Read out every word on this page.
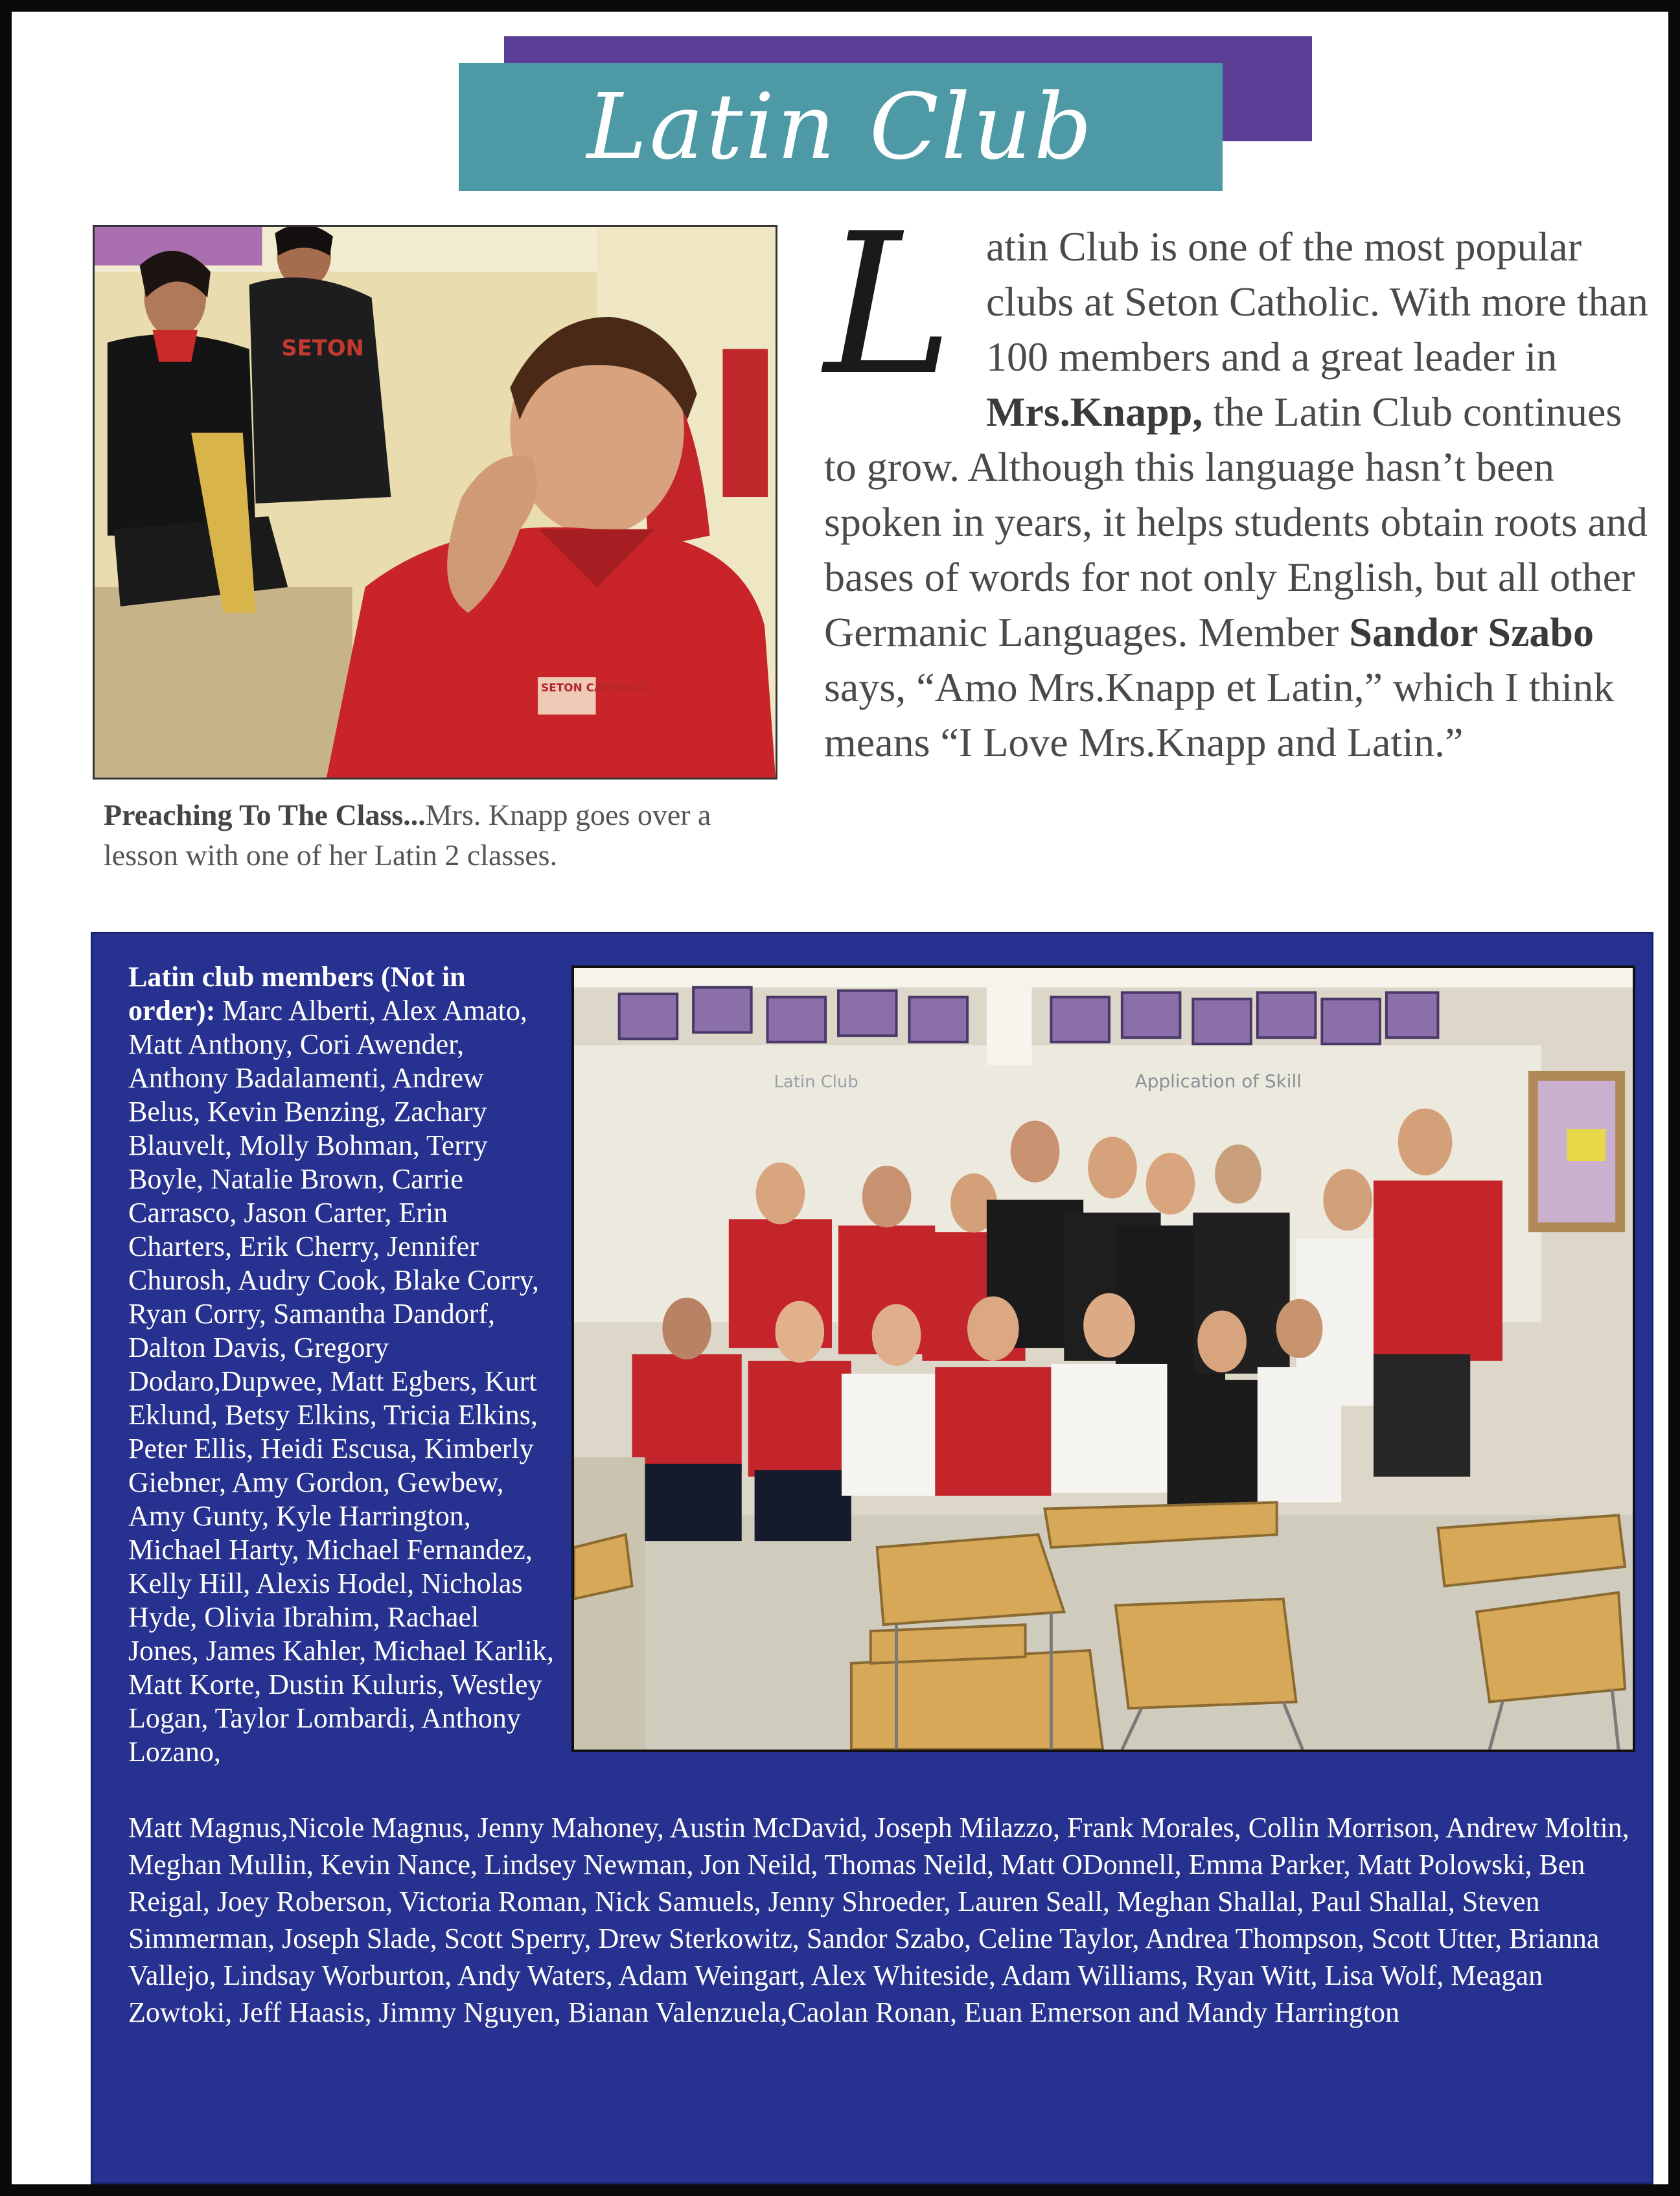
Latin Club
SETON
SETON CATHOLIC
Preaching To The Class...Mrs. Knapp goes over a lesson with one of her Latin 2 classes.
Latin Club is one of the most popular clubs at Seton Catholic. With more than 100 members and a great leader in Mrs.Knapp, the Latin Club continues to grow. Although this language hasn’t been spoken in years, it helps students obtain roots and bases of words for not only English, but all other Germanic Languages. Member Sandor Szabo says, “Amo Mrs.Knapp et Latin,” which I think means “I Love Mrs.Knapp and Latin.”
Latin Club	Application of Skill
Latin club members (Not in order): Marc Alberti, Alex Amato, Matt Anthony, Cori Awender, Anthony Badalamenti, Andrew Belus, Kevin Benzing, Zachary Blauvelt, Molly Bohman, Terry Boyle, Natalie Brown, Carrie Carrasco, Jason Carter, Erin Charters, Erik Cherry, Jennifer Churosh, Audry Cook, Blake Corry, Ryan Corry, Samantha Dandorf, Dalton Davis, Gregory Dodaro,Dupwee, Matt Egbers, Kurt Eklund, Betsy Elkins, Tricia Elkins, Peter Ellis, Heidi Escusa, Kimberly Giebner, Amy Gordon, Gewbew, Amy Gunty, Kyle Harrington, Michael Harty, Michael Fernandez, Kelly Hill, Alexis Hodel, Nicholas Hyde, Olivia Ibrahim, Rachael Jones, James Kahler, Michael Karlik, Matt Korte, Dustin Kuluris, Westley Logan, Taylor Lombardi, Anthony Lozano,
Matt Magnus,Nicole Magnus, Jenny Mahoney, Austin McDavid, Joseph Milazzo, Frank Morales, Collin Morrison, Andrew Moltin, Meghan Mullin, Kevin Nance, Lindsey Newman, Jon Neild, Thomas Neild, Matt ODonnell, Emma Parker, Matt Polowski, Ben Reigal, Joey Roberson, Victoria Roman, Nick Samuels, Jenny Shroeder, Lauren Seall, Meghan Shallal, Paul Shallal, Steven Simmerman, Joseph Slade, Scott Sperry, Drew Sterkowitz, Sandor Szabo, Celine Taylor, Andrea Thompson, Scott Utter, Brianna Vallejo, Lindsay Worburton, Andy Waters, Adam Weingart, Alex Whiteside, Adam Williams, Ryan Witt, Lisa Wolf, Meagan Zowtoki, Jeff Haasis, Jimmy Nguyen, Bianan Valenzuela,Caolan Ronan, Euan Emerson and Mandy Harrington
